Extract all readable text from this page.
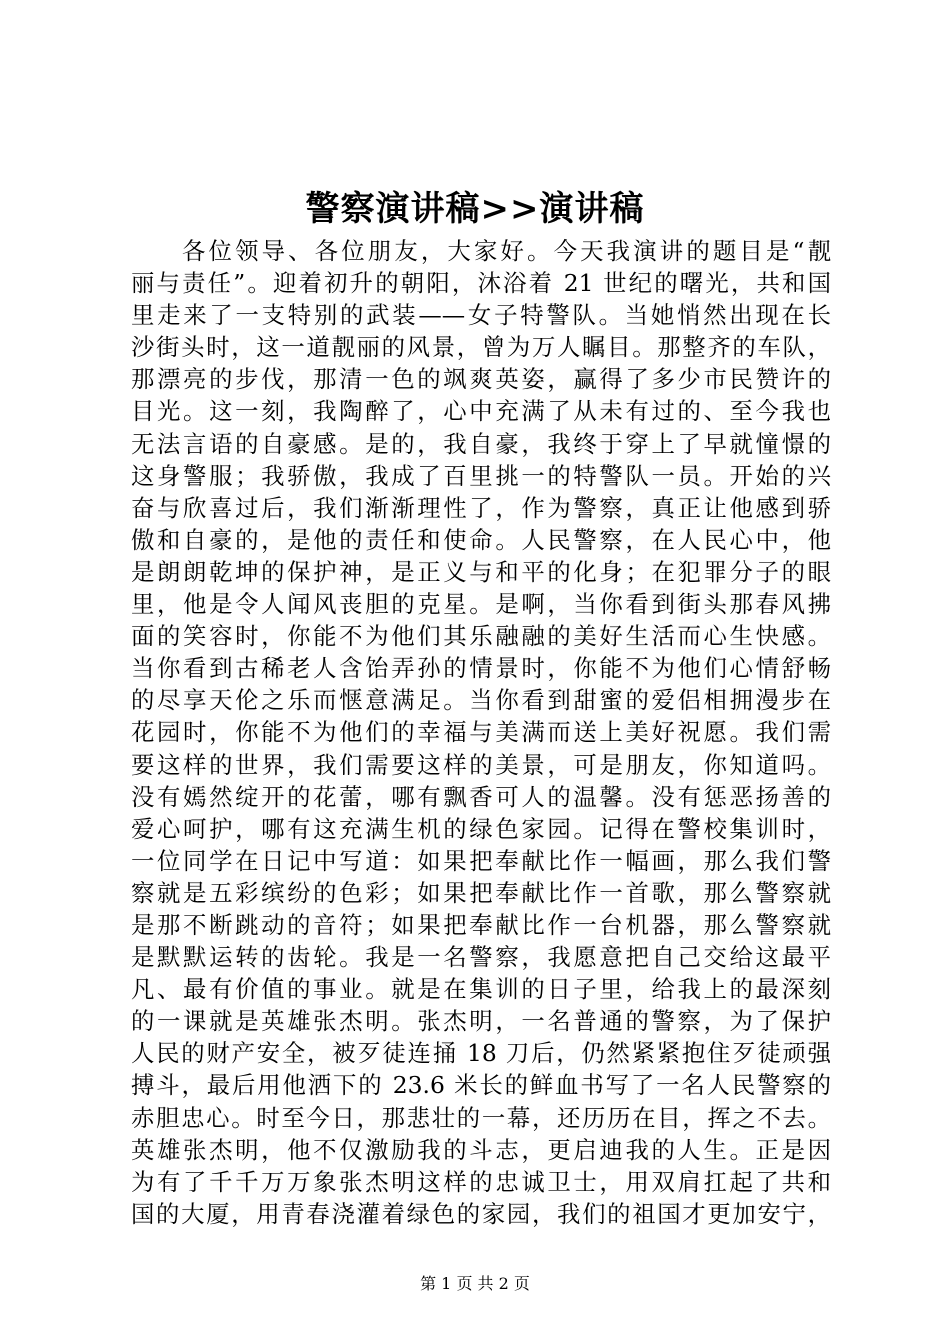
警察演讲稿>>演讲稿
各位领导、各位朋友，大家好。今天我演讲的题目是“靓
丽与责任”。迎着初升的朝阳，沐浴着 21 世纪的曙光，共和国
里走来了一支特别的武装——女子特警队。当她悄然出现在长
沙街头时，这一道靓丽的风景，曾为万人瞩目。那整齐的车队，
那漂亮的步伐，那清一色的飒爽英姿，赢得了多少市民赞许的
目光。这一刻，我陶醉了，心中充满了从未有过的、至今我也
无法言语的自豪感。是的，我自豪，我终于穿上了早就憧憬的
这身警服；我骄傲，我成了百里挑一的特警队一员。开始的兴
奋与欣喜过后，我们渐渐理性了，作为警察，真正让他感到骄
傲和自豪的，是他的责任和使命。人民警察，在人民心中，他
是朗朗乾坤的保护神，是正义与和平的化身；在犯罪分子的眼
里，他是令人闻风丧胆的克星。是啊，当你看到街头那春风拂
面的笑容时，你能不为他们其乐融融的美好生活而心生快感。
当你看到古稀老人含饴弄孙的情景时，你能不为他们心情舒畅
的尽享天伦之乐而惬意满足。当你看到甜蜜的爱侣相拥漫步在
花园时，你能不为他们的幸福与美满而送上美好祝愿。我们需
要这样的世界，我们需要这样的美景，可是朋友，你知道吗。
没有嫣然绽开的花蕾，哪有飘香可人的温馨。没有惩恶扬善的
爱心呵护，哪有这充满生机的绿色家园。记得在警校集训时，
一位同学在日记中写道：如果把奉献比作一幅画，那么我们警
察就是五彩缤纷的色彩；如果把奉献比作一首歌，那么警察就
是那不断跳动的音符；如果把奉献比作一台机器，那么警察就
是默默运转的齿轮。我是一名警察，我愿意把自己交给这最平
凡、最有价值的事业。就是在集训的日子里，给我上的最深刻
的一课就是英雄张杰明。张杰明，一名普通的警察，为了保护
人民的财产安全，被歹徒连捅 18 刀后，仍然紧紧抱住歹徒顽强
搏斗，最后用他洒下的 23.6 米长的鲜血书写了一名人民警察的
赤胆忠心。时至今日，那悲壮的一幕，还历历在目，挥之不去。
英雄张杰明，他不仅激励我的斗志，更启迪我的人生。正是因
为有了千千万万象张杰明这样的忠诚卫士，用双肩扛起了共和
国的大厦，用青春浇灌着绿色的家园，我们的祖国才更加安宁，
第 1 页 共 2 页
